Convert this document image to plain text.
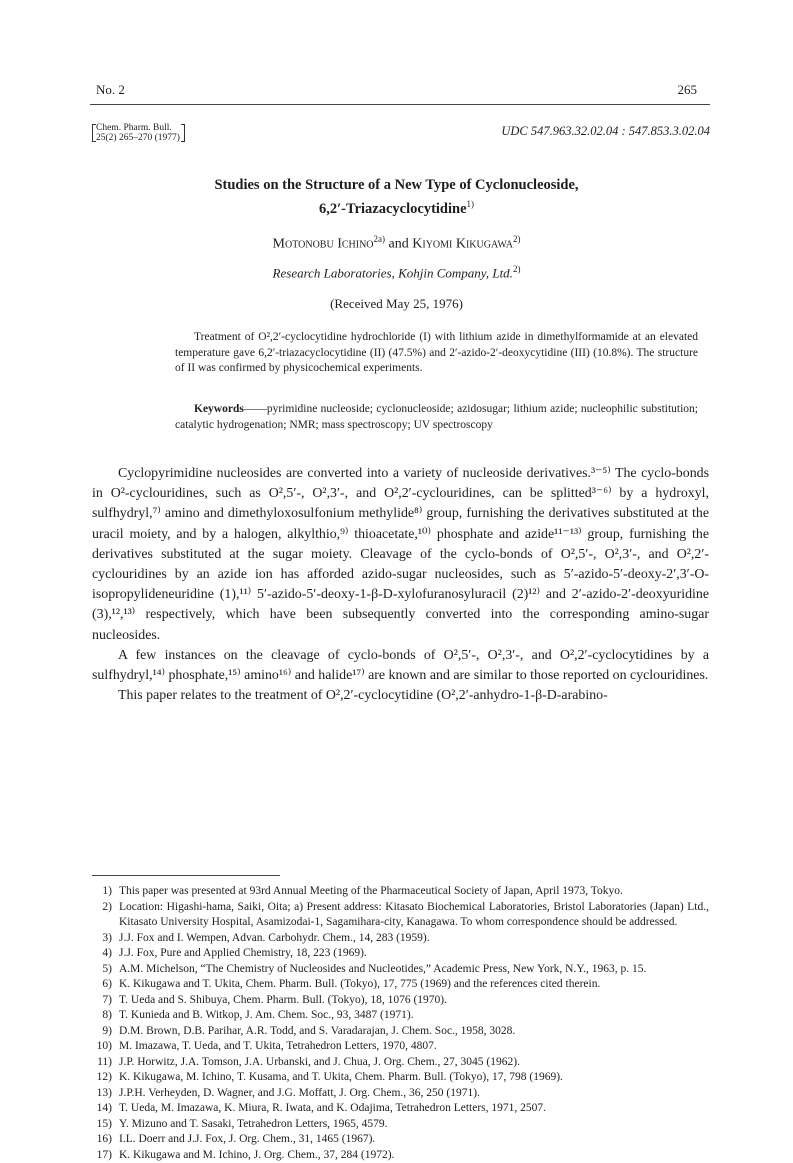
No. 2	265
Chem. Pharm. Bull.
25(2) 265–270 (1977)	UDC 547.963.32.02.04 : 547.853.3.02.04
Studies on the Structure of a New Type of Cyclonucleoside,
6,2′-Triazacyclocytidine$^{1)}$
Motonobu Ichino$^{2a)}$ and Kiyomi Kikugawa$^{2)}$
Research Laboratories, Kohjin Company, Ltd.$^{2)}$
(Received May 25, 1976)

Treatment of O²,2′-cyclocytidine hydrochloride (I) with lithium azide in dimethylformamide at an elevated temperature gave 6,2′-triazacyclocytidine (II) (47.5%) and 2′-azido-2′-deoxycytidine (III) (10.8%). The structure of II was confirmed by physicochemical experiments.

Keywords——pyrimidine nucleoside; cyclonucleoside; azidosugar; lithium azide; nucleophilic substitution; catalytic hydrogenation; NMR; mass spectroscopy; UV spectroscopy

Cyclopyrimidine nucleosides are converted into a variety of nucleoside derivatives.³⁻⁵⁾ The cyclo-bonds in O²-cyclouridines, such as O²,5′-, O²,3′-, and O²,2′-cyclouridines, can be splitted³⁻⁶⁾ by a hydroxyl, sulfhydryl,⁷⁾ amino and dimethyloxosulfonium methylide⁸⁾ group, furnishing the derivatives substituted at the uracil moiety, and by a halogen, alkylthio,⁹⁾ thioacetate,¹⁰⁾ phosphate and azide¹¹⁻¹³⁾ group, furnishing the derivatives substituted at the sugar moiety. Cleavage of the cyclo-bonds of O²,5′-, O²,3′-, and O²,2′-cyclouridines by an azide ion has afforded azido-sugar nucleosides, such as 5′-azido-5′-deoxy-2′,3′-O-isopropylideneuridine (1),¹¹⁾ 5′-azido-5′-deoxy-1-β-D-xylofuranosyluracil (2)¹²⁾ and 2′-azido-2′-deoxyuridine (3),¹²,¹³⁾ respectively, which have been subsequently converted into the corresponding amino-sugar nucleosides.

A few instances on the cleavage of cyclo-bonds of O²,5′-, O²,3′-, and O²,2′-cyclocytidines by a sulfhydryl,¹⁴⁾ phosphate,¹⁵⁾ amino¹⁶⁾ and halide¹⁷⁾ are known and are similar to those reported on cyclouridines.

This paper relates to the treatment of O²,2′-cyclocytidine (O²,2′-anhydro-1-β-D-arabino-

1) This paper was presented at 93rd Annual Meeting of the Pharmaceutical Society of Japan, April 1973, Tokyo.
2) Location: Higashi-hama, Saiki, Oita; a) Present address: Kitasato Biochemical Laboratories, Bristol Laboratories (Japan) Ltd., Kitasato University Hospital, Asamizodai-1, Sagamihara-city, Kanagawa. To whom correspondence should be addressed.
3) J.J. Fox and I. Wempen, Advan. Carbohydr. Chem., 14, 283 (1959).
4) J.J. Fox, Pure and Applied Chemistry, 18, 223 (1969).
5) A.M. Michelson, “The Chemistry of Nucleosides and Nucleotides,” Academic Press, New York, N.Y., 1963, p. 15.
6) K. Kikugawa and T. Ukita, Chem. Pharm. Bull. (Tokyo), 17, 775 (1969) and the references cited therein.
7) T. Ueda and S. Shibuya, Chem. Pharm. Bull. (Tokyo), 18, 1076 (1970).
8) T. Kunieda and B. Witkop, J. Am. Chem. Soc., 93, 3487 (1971).
9) D.M. Brown, D.B. Parihar, A.R. Todd, and S. Varadarajan, J. Chem. Soc., 1958, 3028.
10) M. Imazawa, T. Ueda, and T. Ukita, Tetrahedron Letters, 1970, 4807.
11) J.P. Horwitz, J.A. Tomson, J.A. Urbanski, and J. Chua, J. Org. Chem., 27, 3045 (1962).
12) K. Kikugawa, M. Ichino, T. Kusama, and T. Ukita, Chem. Pharm. Bull. (Tokyo), 17, 798 (1969).
13) J.P.H. Verheyden, D. Wagner, and J.G. Moffatt, J. Org. Chem., 36, 250 (1971).
14) T. Ueda, M. Imazawa, K. Miura, R. Iwata, and K. Odajima, Tetrahedron Letters, 1971, 2507.
15) Y. Mizuno and T. Sasaki, Tetrahedron Letters, 1965, 4579.
16) I.L. Doerr and J.J. Fox, J. Org. Chem., 31, 1465 (1967).
17) K. Kikugawa and M. Ichino, J. Org. Chem., 37, 284 (1972).
